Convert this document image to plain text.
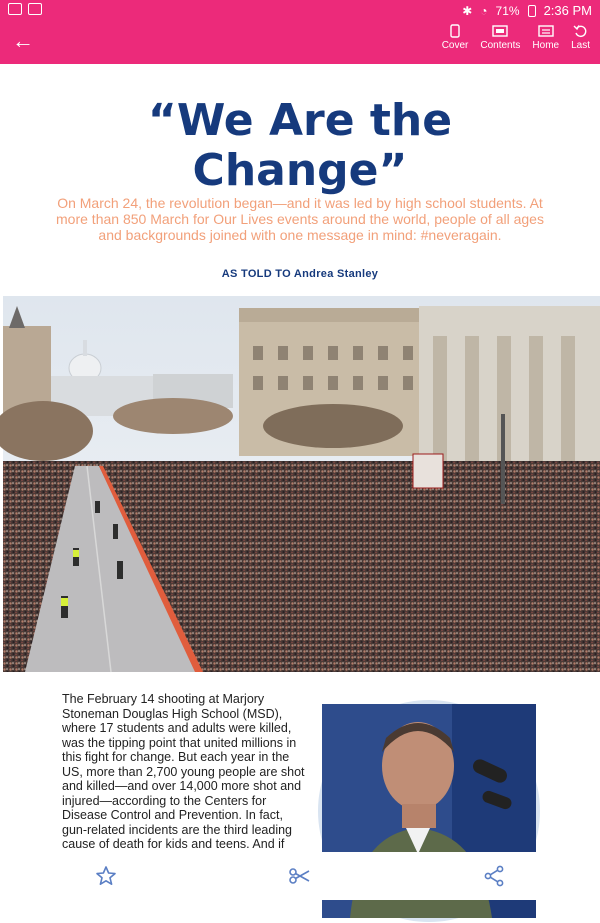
✱ ◔ 71% 2:36 PM
←	Cover Contents Home Last
“We Are the
Change”
On March 24, the revolution began—and it was led by high school students. At more than 850 March for Our Lives events around the world, people of all ages and backgrounds joined with one message in mind: #neveragain.
AS TOLD TO Andrea Stanley
The February 14 shooting at Marjory Stoneman Douglas High School (MSD), where 17 students and adults were killed, was the tipping point that united millions in this fight for change. But each year in the US, more than 2,700 young people are shot and killed—and over 14,000 more shot and injured—according to the Centers for Disease Control and Prevention. In fact, gun-related incidents are the third leading cause of death for kids and teens. And if
